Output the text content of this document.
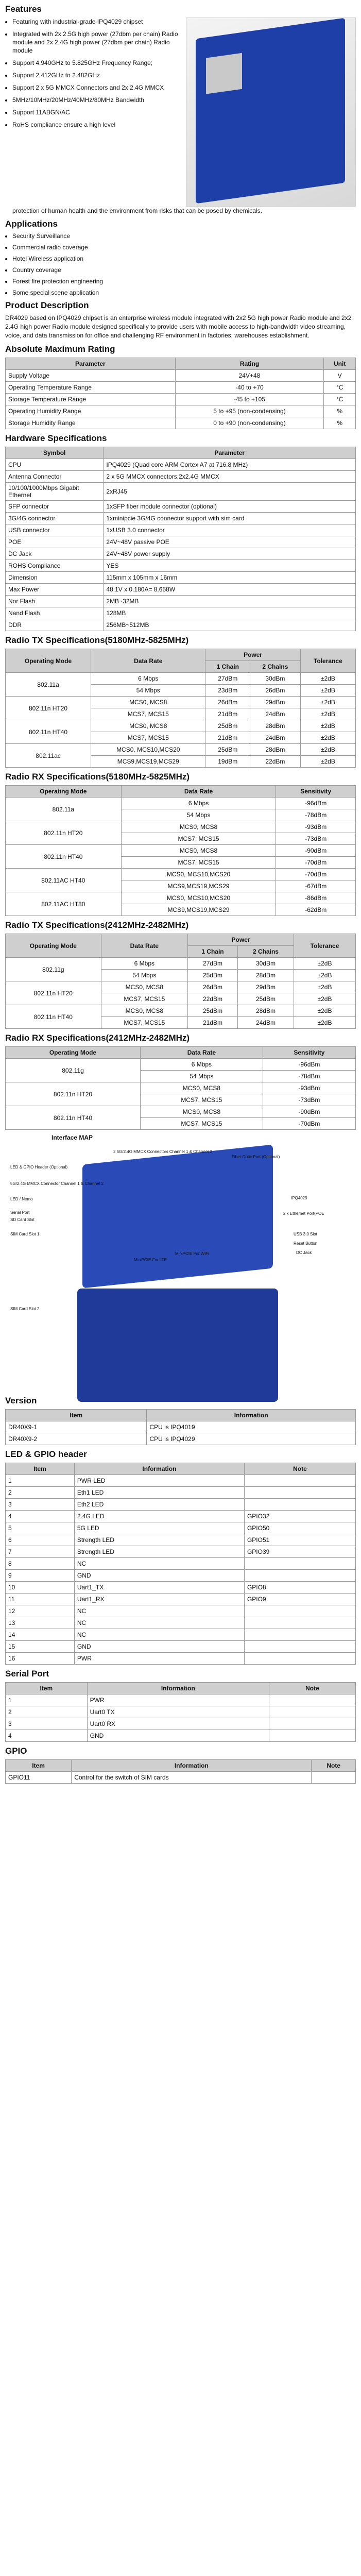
Features
• Featuring with industrial-grade IPQ4029 chipset
• Integrated with 2x 2.5G high power (27dbm per chain) Radio module and 2x 2.4G high power (27dbm per chain) Radio module
• Support 4.940GHz to 5.825GHz Frequency Range;
• Support 2.412GHz to 2.482GHz
• Support 2 x 5G MMCX Connectors and 2x 2.4G MMCX
• 5MHz/10MHz/20MHz/40MHz/80MHz Bandwidth
• Support 11ABGN/AC
• RoHS compliance ensure a high level
protection of human health and the environment from risks that can be posed by chemicals.
Applications
• Security Surveillance
• Commercial radio coverage
• Hotel Wireless application
• Country coverage
• Forest fire protection engineering
• Some special scene application
Product Description

DR4029 based on IPQ4029 chipset is an enterprise wireless module integrated with 2x2 5G high power Radio module and 2x2 2.4G high power Radio module designed specifically to provide users with mobile access to high-bandwidth video streaming, voice, and data transmission for office and challenging RF environment in factories, warehouses establishment.

Absolute Maximum Rating
Parameter	Rating	Unit
Supply Voltage	24V+48	V
Operating Temperature Range	-40 to +70	°C
Storage Temperature Range	-45 to +105	°C
Operating Humidity Range	5 to +95 (non-condensing)	%
Storage Humidity Range	0 to +90 (non-condensing)	%
Hardware Specifications
Symbol	Parameter
CPU	IPQ4029 (Quad core ARM Cortex A7 at 716.8 MHz)
Antenna Connector	2 x 5G MMCX connectors,2x2.4G MMCX
10/100/1000Mbps Gigabit Ethernet	2xRJ45
SFP connector	1xSFP fiber module connector (optional)
3G/4G connector	1xminipcie 3G/4G connector support with sim card
USB connector	1xUSB 3.0 connector
POE	24V~48V passive POE
DC Jack	24V~48V power supply
ROHS Compliance	YES
Dimension	115mm x 105mm x 16mm
Max Power	48.1V x 0.180A= 8.658W
Nor Flash	2MB~32MB
Nand Flash	128MB
DDR	256MB~512MB
Radio TX Specifications(5180MHz-5825MHz)
Operating Mode	Data Rate	Power		Tolerance
		1 Chain	2 Chains	
802.11a	6 Mbps	27dBm	30dBm	±2dB
	54 Mbps	23dBm	26dBm	±2dB
802.11n HT20	MCS0, MCS8	26dBm	29dBm	±2dB
	MCS7, MCS15	21dBm	24dBm	±2dB
802.11n HT40	MCS0, MCS8	25dBm	28dBm	±2dB
	MCS7, MCS15	21dBm	24dBm	±2dB
802.11ac	MCS0, MCS10,MCS20	25dBm	28dBm	±2dB
	MCS9,MCS19,MCS29	19dBm	22dBm	±2dB
Radio RX Specifications(5180MHz-5825MHz)
Operating Mode	Data Rate	Sensitivity
802.11a	6 Mbps	-96dBm
	54 Mbps	-78dBm
802.11n HT20	MCS0, MCS8	-93dBm
	MCS7, MCS15	-73dBm
802.11n HT40	MCS0, MCS8	-90dBm
	MCS7, MCS15	-70dBm
802.11AC HT40	MCS0, MCS10,MCS20	-70dBm
	MCS9,MCS19,MCS29	-67dBm
802.11AC HT80	MCS0, MCS10,MCS20	-86dBm
	MCS9,MCS19,MCS29	-62dBm
Radio TX Specifications(2412MHz-2482MHz)
Operating Mode	Data Rate	Power		Tolerance
		1 Chain	2 Chains	
802.11g	6 Mbps	27dBm	30dBm	±2dB
	54 Mbps	25dBm	28dBm	±2dB
802.11n HT20	MCS0, MCS8	26dBm	29dBm	±2dB
	MCS7, MCS15	22dBm	25dBm	±2dB
802.11n HT40	MCS0, MCS8	25dBm	28dBm	±2dB
	MCS7, MCS15	21dBm	24dBm	±2dB
Radio RX Specifications(2412MHz-2482MHz)
Operating Mode	Data Rate	Sensitivity
802.11g	6 Mbps	-96dBm
	54 Mbps	-78dBm
802.11n HT20	MCS0, MCS8	-93dBm
	MCS7, MCS15	-73dBm
802.11n HT40	MCS0, MCS8	-90dBm
	MCS7, MCS15	-70dBm
Interface MAP
LED & GPIO Header (Optional)
5G/2.4G MMCX Connector Channel 1 & Channel 2
2 5G/2.4G MMCX Connectors Channel 1 & Channel 2
Fiber Optic Port (Optional)
LED / Nemo
Serial Port
SD Card Slot
SIM Card Slot 1
IPQ4029
2 x Ethernet Port(POE
USB 3.0 Slot
Reset Button
DC Jack
MiniPCIE For LTE
MiniPCIE For WiFi
SIM Card Slot 2
Version
Item	Information
DR40X9-1	CPU is IPQ4019
DR40X9-2	CPU is IPQ4029
LED & GPIO header
Item	Information	Note
1	PWR LED	
2	Eth1 LED	
3	Eth2 LED	
4	2.4G LED	GPIO32
5	5G LED	GPIO50
6	Strength LED	GPIO51
7	Strength LED	GPIO39
8	NC	
9	GND	
10	Uart1_TX	GPIO8
11	Uart1_RX	GPIO9
12	NC	
13	NC	
14	NC	
15	GND	
16	PWR	
Serial Port
Item	Information	Note
1	PWR	
2	Uart0 TX	
3	Uart0 RX	
4	GND	
GPIO
Item	Information	Note
GPIO11	Control for the switch of SIM cards	
